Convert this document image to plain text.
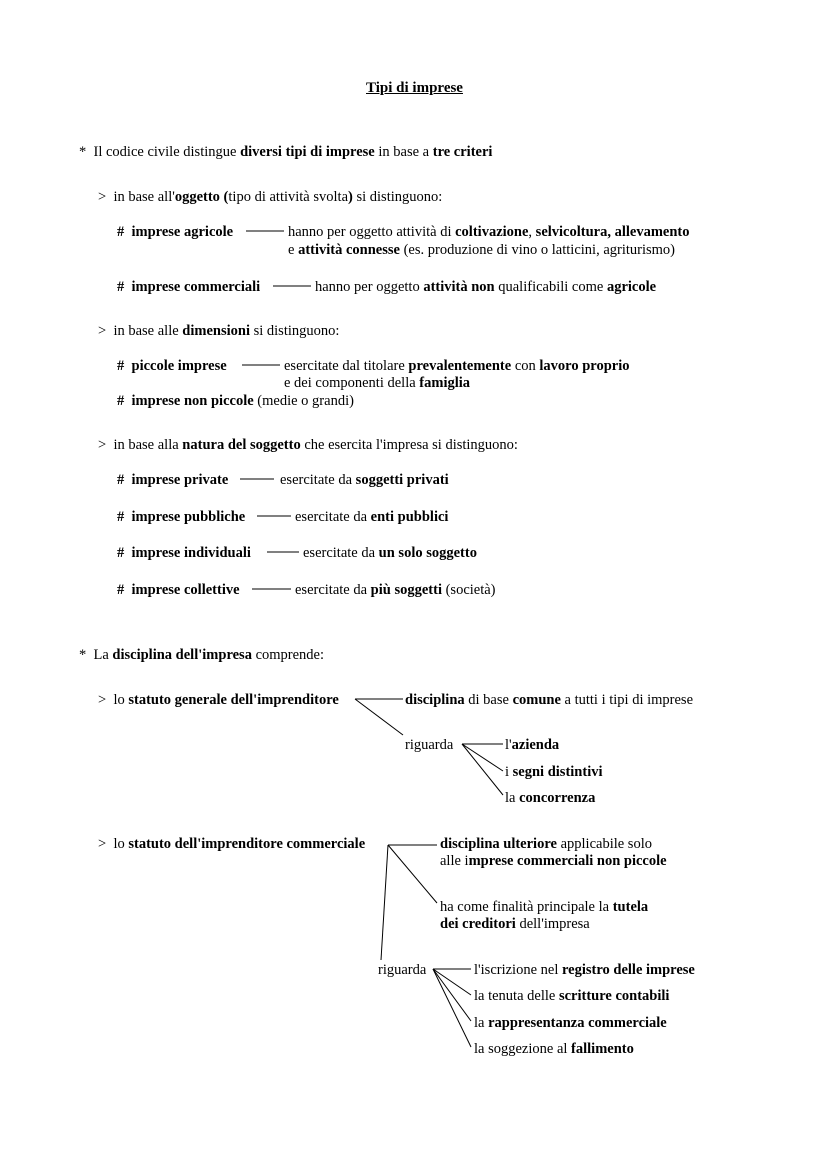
Tipi di imprese
* Il codice civile distingue diversi tipi di imprese in base a tre criteri
> in base all'oggetto (tipo di attività svolta) si distinguono:
# imprese agricole	hanno per oggetto attività di coltivazione, selvicoltura, allevamento
e attività connesse (es. produzione di vino o latticini, agriturismo)
# imprese commerciali	hanno per oggetto attività non qualificabili come agricole
> in base alle dimensioni si distinguono:
# piccole imprese	esercitate dal titolare prevalentemente con lavoro proprio
e dei componenti della famiglia
# imprese non piccole (medie o grandi)
> in base alla natura del soggetto che esercita l'impresa si distinguono:
# imprese private	esercitate da soggetti privati
# imprese pubbliche	esercitate da enti pubblici
# imprese individuali	esercitate da un solo soggetto
# imprese collettive	esercitate da più soggetti (società)
* La disciplina dell'impresa comprende:
> lo statuto generale dell'imprenditore	disciplina di base comune a tutti i tipi di imprese
riguarda	l'azienda
i segni distintivi
la concorrenza
> lo statuto dell'imprenditore commerciale	disciplina ulteriore applicabile solo
alle imprese commerciali non piccole
ha come finalità principale la tutela
dei creditori dell'impresa
riguarda	l'iscrizione nel registro delle imprese
la tenuta delle scritture contabili
la rappresentanza commerciale
la soggezione al fallimento
